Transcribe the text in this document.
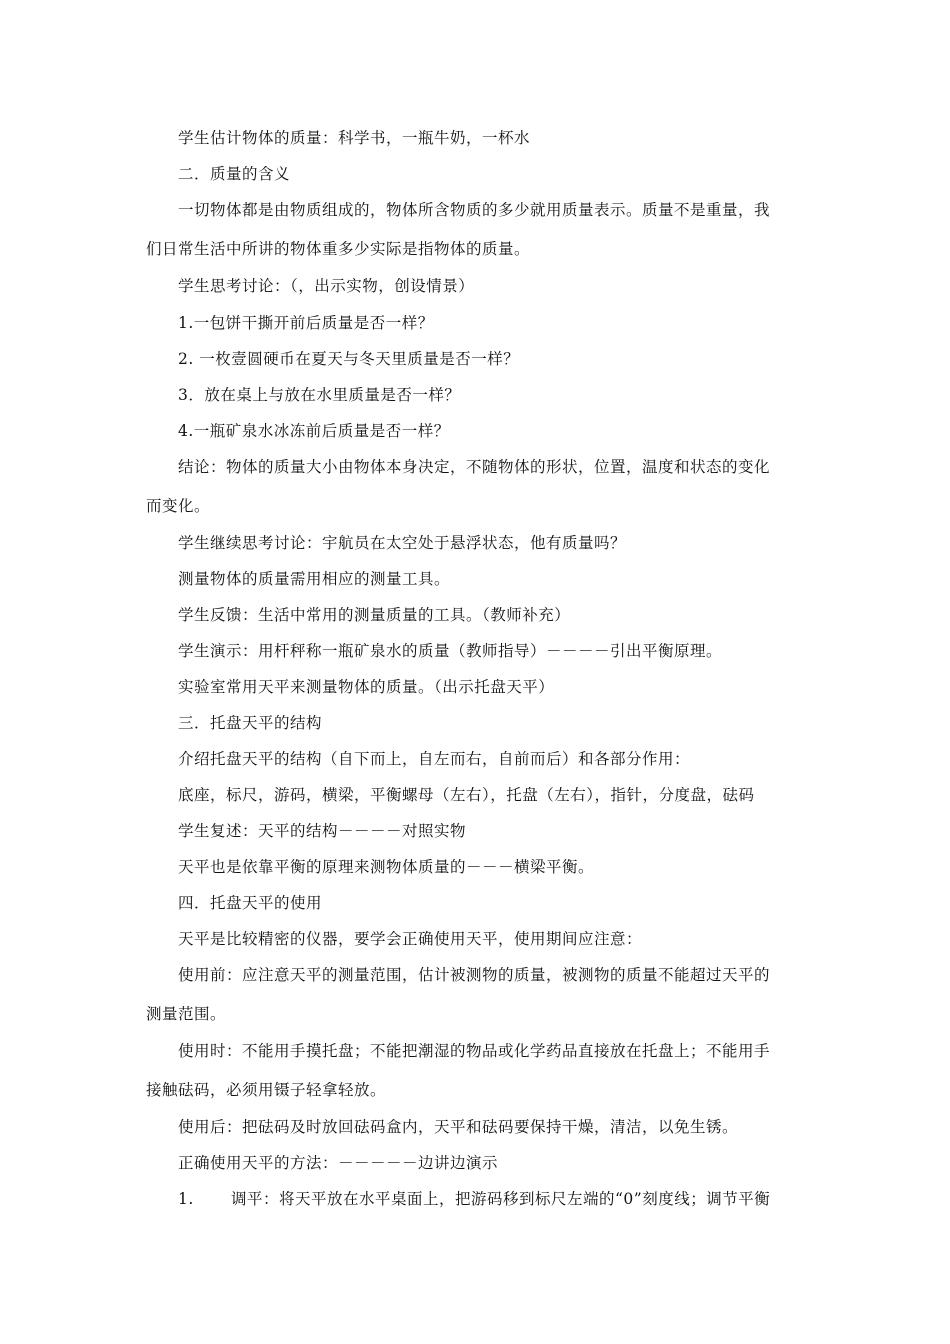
学生估计物体的质量：科学书，一瓶牛奶，一杯水
二．质量的含义
一切物体都是由物质组成的，物体所含物质的多少就用质量表示。质量不是重量，我
们日常生活中所讲的物体重多少实际是指物体的质量。
学生思考讨论：（，出示实物，创设情景）
1.一包饼干撕开前后质量是否一样？
2. 一枚壹圆硬币在夏天与冬天里质量是否一样？
3．放在桌上与放在水里质量是否一样？
4.一瓶矿泉水冰冻前后质量是否一样？
结论：物体的质量大小由物体本身决定，不随物体的形状，位置，温度和状态的变化
而变化。
学生继续思考讨论：宇航员在太空处于悬浮状态，他有质量吗？
测量物体的质量需用相应的测量工具。
学生反馈：生活中常用的测量质量的工具。（教师补充）
学生演示：用杆秤称一瓶矿泉水的质量（教师指导）－－－－引出平衡原理。
实验室常用天平来测量物体的质量。（出示托盘天平）
三．托盘天平的结构
介绍托盘天平的结构（自下而上，自左而右，自前而后）和各部分作用：
底座，标尺，游码，横梁，平衡螺母（左右），托盘（左右），指针，分度盘，砝码
学生复述：天平的结构－－－－对照实物
天平也是依靠平衡的原理来测物体质量的－－－横梁平衡。
四．托盘天平的使用
天平是比较精密的仪器，要学会正确使用天平，使用期间应注意：
使用前：应注意天平的测量范围，估计被测物的质量，被测物的质量不能超过天平的
测量范围。
使用时：不能用手摸托盘；不能把潮湿的物品或化学药品直接放在托盘上；不能用手
接触砝码，必须用镊子轻拿轻放。
使用后：把砝码及时放回砝码盒内，天平和砝码要保持干燥，清洁，以免生锈。
正确使用天平的方法：－－－－－边讲边演示
1. 调平：将天平放在水平桌面上，把游码移到标尺左端的“0”刻度线；调节平衡
